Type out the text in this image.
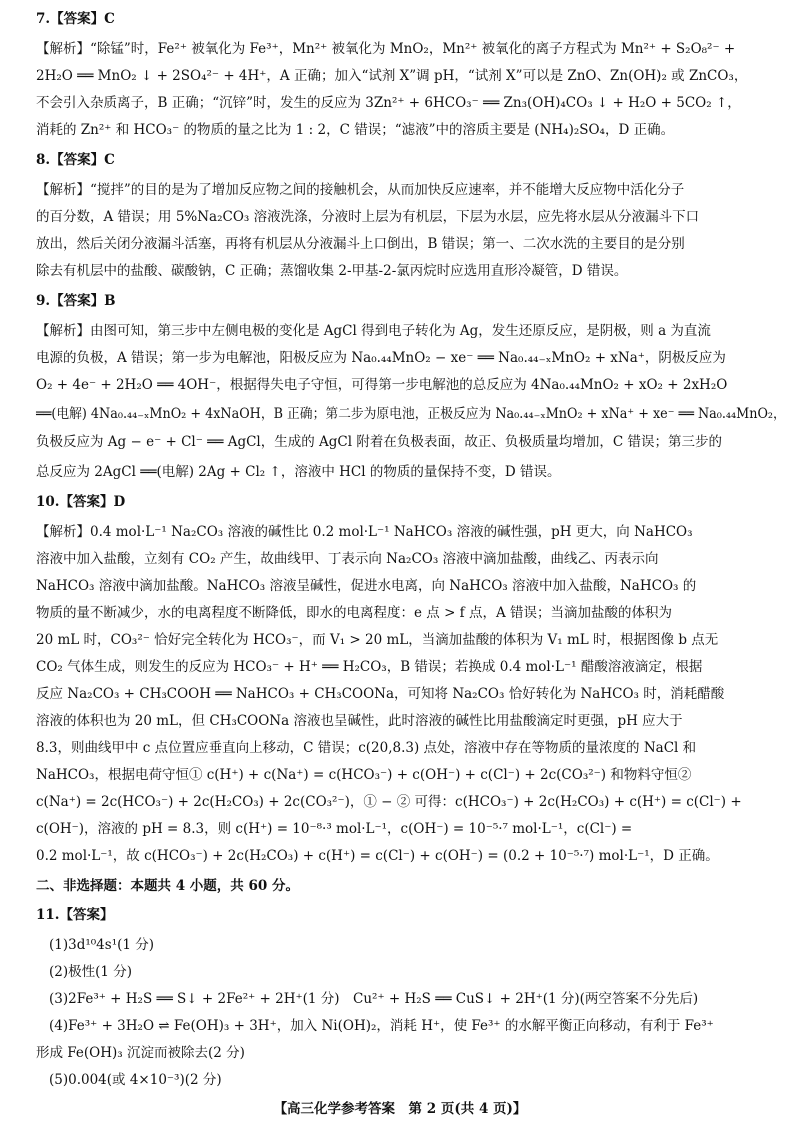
7.【答案】C
【解析】“除锰”时，Fe²⁺ 被氧化为 Fe³⁺，Mn²⁺ 被氧化为 MnO₂，Mn²⁺ 被氧化的离子方程式为 Mn²⁺ + S₂O₈²⁻ +
2H₂O ══ MnO₂ ↓ + 2SO₄²⁻ + 4H⁺，A 正确；加入“试剂 X”调 pH，“试剂 X”可以是 ZnO、Zn(OH)₂ 或 ZnCO₃，
不会引入杂质离子，B 正确；“沉锌”时，发生的反应为 3Zn²⁺ + 6HCO₃⁻ ══ Zn₃(OH)₄CO₃ ↓ + H₂O + 5CO₂ ↑，
消耗的 Zn²⁺ 和 HCO₃⁻ 的物质的量之比为 1 : 2，C 错误；“滤液”中的溶质主要是 (NH₄)₂SO₄，D 正确。
8.【答案】C
【解析】“搅拌”的目的是为了增加反应物之间的接触机会，从而加快反应速率，并不能增大反应物中活化分子
的百分数，A 错误；用 5%Na₂CO₃ 溶液洗涤，分液时上层为有机层，下层为水层，应先将水层从分液漏斗下口
放出，然后关闭分液漏斗活塞，再将有机层从分液漏斗上口倒出，B 错误；第一、二次水洗的主要目的是分别
除去有机层中的盐酸、碳酸钠，C 正确；蒸馏收集 2-甲基-2-氯丙烷时应选用直形冷凝管，D 错误。
9.【答案】B
【解析】由图可知，第三步中左侧电极的变化是 AgCl 得到电子转化为 Ag，发生还原反应，是阴极，则 a 为直流
电源的负极，A 错误；第一步为电解池，阳极反应为 Na₀.₄₄MnO₂ − xe⁻ ══ Na₀.₄₄₋ₓMnO₂ + xNa⁺，阴极反应为
O₂ + 4e⁻ + 2H₂O ══ 4OH⁻，根据得失电子守恒，可得第一步电解池的总反应为 4Na₀.₄₄MnO₂ + xO₂ + 2xH₂O
══(电解) 4Na₀.₄₄₋ₓMnO₂ + 4xNaOH，B 正确；第二步为原电池，正极反应为 Na₀.₄₄₋ₓMnO₂ + xNa⁺ + xe⁻ ══ Na₀.₄₄MnO₂，
负极反应为 Ag − e⁻ + Cl⁻ ══ AgCl，生成的 AgCl 附着在负极表面，故正、负极质量均增加，C 错误；第三步的
总反应为 2AgCl ══(电解) 2Ag + Cl₂ ↑，溶液中 HCl 的物质的量保持不变，D 错误。
10.【答案】D
【解析】0.4 mol·L⁻¹ Na₂CO₃ 溶液的碱性比 0.2 mol·L⁻¹ NaHCO₃ 溶液的碱性强，pH 更大，向 NaHCO₃
溶液中加入盐酸，立刻有 CO₂ 产生，故曲线甲、丁表示向 Na₂CO₃ 溶液中滴加盐酸，曲线乙、丙表示向
NaHCO₃ 溶液中滴加盐酸。NaHCO₃ 溶液呈碱性，促进水电离，向 NaHCO₃ 溶液中加入盐酸，NaHCO₃ 的
物质的量不断减少，水的电离程度不断降低，即水的电离程度：e 点 > f 点，A 错误；当滴加盐酸的体积为
20 mL 时，CO₃²⁻ 恰好完全转化为 HCO₃⁻，而 V₁ > 20 mL，当滴加盐酸的体积为 V₁ mL 时，根据图像 b 点无
CO₂ 气体生成，则发生的反应为 HCO₃⁻ + H⁺ ══ H₂CO₃，B 错误；若换成 0.4 mol·L⁻¹ 醋酸溶液滴定，根据
反应 Na₂CO₃ + CH₃COOH ══ NaHCO₃ + CH₃COONa，可知将 Na₂CO₃ 恰好转化为 NaHCO₃ 时，消耗醋酸
溶液的体积也为 20 mL，但 CH₃COONa 溶液也呈碱性，此时溶液的碱性比用盐酸滴定时更强，pH 应大于
8.3，则曲线甲中 c 点位置应垂直向上移动，C 错误；c(20,8.3) 点处，溶液中存在等物质的量浓度的 NaCl 和
NaHCO₃，根据电荷守恒① c(H⁺) + c(Na⁺) = c(HCO₃⁻) + c(OH⁻) + c(Cl⁻) + 2c(CO₃²⁻) 和物料守恒②
c(Na⁺) = 2c(HCO₃⁻) + 2c(H₂CO₃) + 2c(CO₃²⁻)，① − ② 可得：c(HCO₃⁻) + 2c(H₂CO₃) + c(H⁺) = c(Cl⁻) +
c(OH⁻)，溶液的 pH = 8.3，则 c(H⁺) = 10⁻⁸·³ mol·L⁻¹，c(OH⁻) = 10⁻⁵·⁷ mol·L⁻¹，c(Cl⁻) =
0.2 mol·L⁻¹，故 c(HCO₃⁻) + 2c(H₂CO₃) + c(H⁺) = c(Cl⁻) + c(OH⁻) = (0.2 + 10⁻⁵·⁷) mol·L⁻¹，D 正确。
二、非选择题：本题共 4 小题，共 60 分。
11.【答案】
(1)3d¹⁰4s¹(1 分)
(2)极性(1 分)
(3)2Fe³⁺ + H₂S ══ S↓ + 2Fe²⁺ + 2H⁺(1 分)　Cu²⁺ + H₂S ══ CuS↓ + 2H⁺(1 分)(两空答案不分先后)
(4)Fe³⁺ + 3H₂O ⇌ Fe(OH)₃ + 3H⁺，加入 Ni(OH)₂，消耗 H⁺，使 Fe³⁺ 的水解平衡正向移动，有利于 Fe³⁺
形成 Fe(OH)₃ 沉淀而被除去(2 分)
(5)0.004(或 4×10⁻³)(2 分)
【高三化学参考答案　第 2 页(共 4 页)】
